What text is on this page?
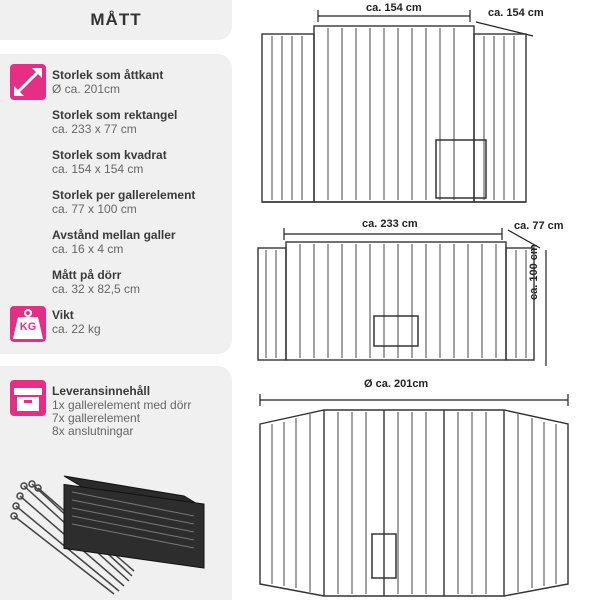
MÅTT
KG
Storlek som åttkant
Ø ca. 201cm
Storlek som rektangel
ca. 233 x 77 cm
Storlek som kvadrat
ca. 154 x 154 cm
Storlek per gallerelement
ca. 77 x 100 cm
Avstånd mellan galler
ca. 16 x 4 cm
Mått på dörr
ca. 32 x 82,5 cm
Vikt
ca. 22 kg
Leveransinnehåll
1x gallerelement med dörr
7x gallerelement
8x anslutningar
ca. 154 cm	ca. 154 cm
ca. 233 cm	ca. 77 cm
ca. 100 cm
Ø ca. 201cm
